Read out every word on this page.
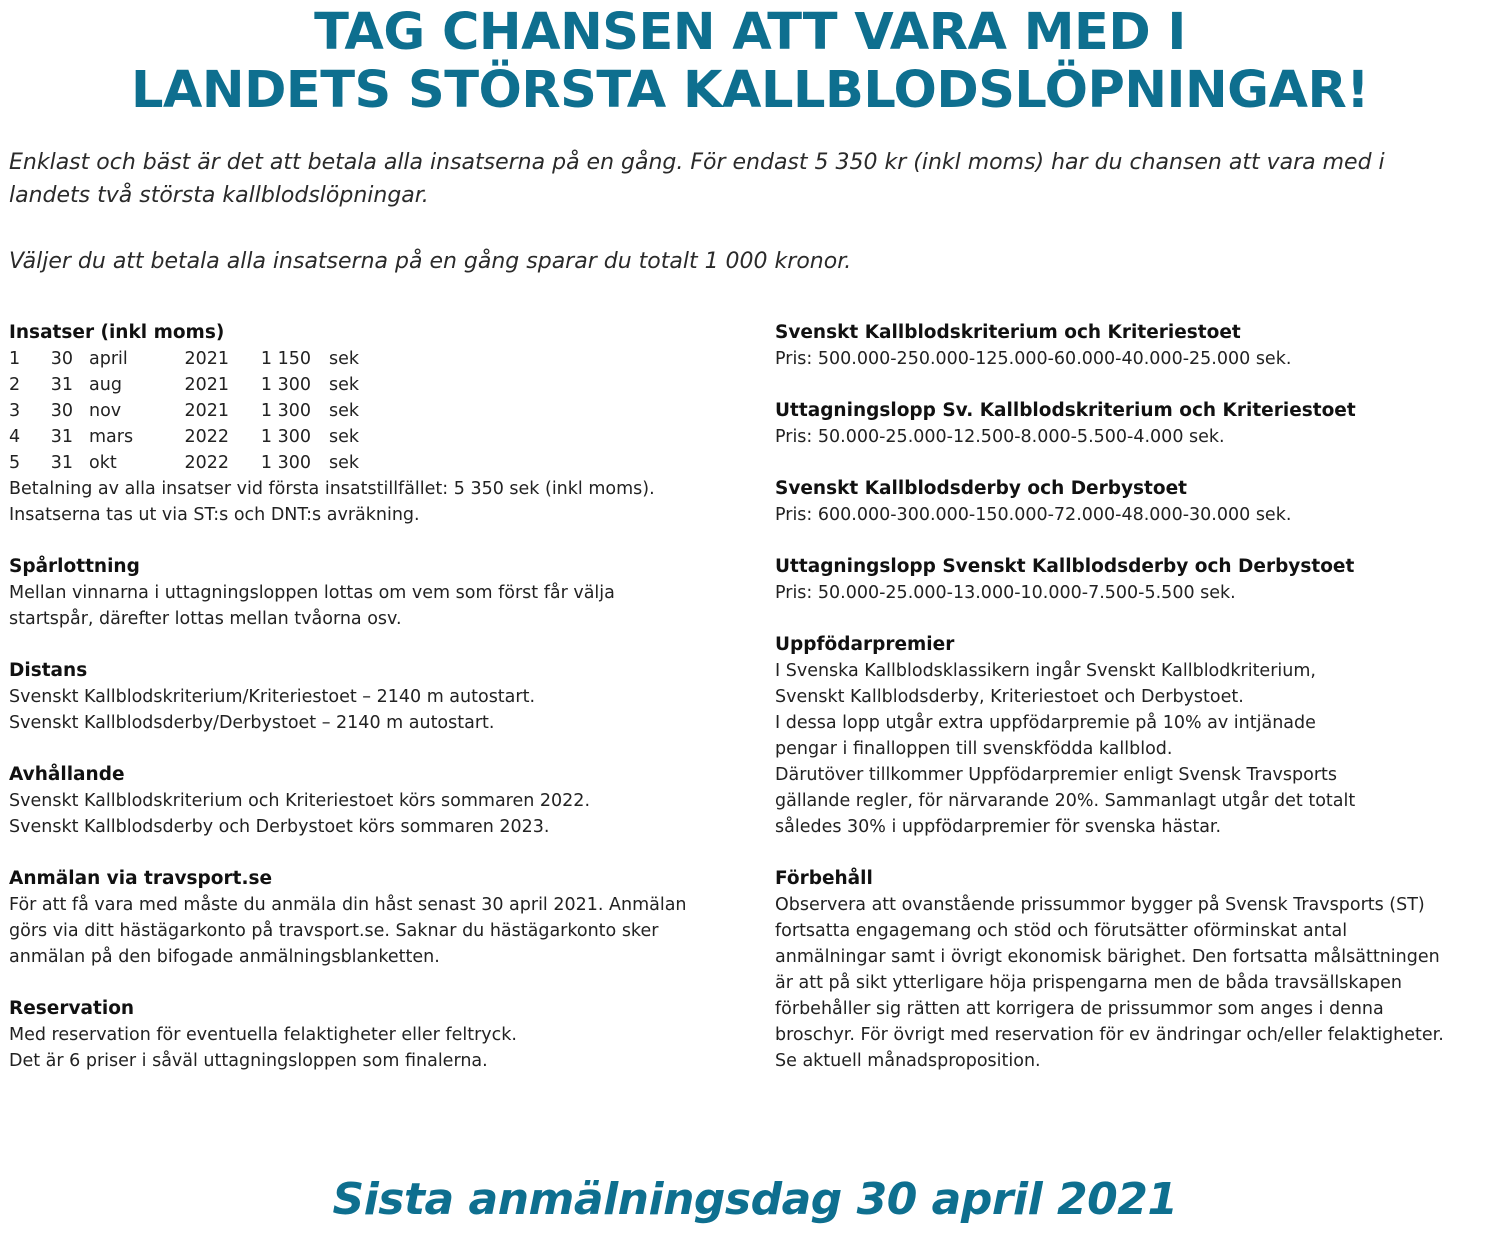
TAG CHANSEN ATT VARA MED I
LANDETS STÖRSTA KALLBLODSLÖPNINGAR!

Enklast och bäst är det att betala alla insatserna på en gång. För endast 5 350 kr (inkl moms) har du chansen att vara med i landets två största kallblodslöpningar.

Väljer du att betala alla insatserna på en gång sparar du totalt 1 000 kronor.

Insatser (inkl moms)
1	30	april	2021	1 150	sek
2	31	aug	2021	1 300	sek
3	30	nov	2021	1 300	sek
4	31	mars	2022	1 300	sek
5	31	okt	2022	1 300	sek
Betalning av alla insatser vid första insatstillfället: 5 350 sek (inkl moms).
Insatserna tas ut via ST:s och DNT:s avräkning.
Spårlottning
Mellan vinnarna i uttagningsloppen lottas om vem som först får välja
startspår, därefter lottas mellan tvåorna osv.
Distans
Svenskt Kallblodskriterium/Kriteriestoet – 2140 m autostart.
Svenskt Kallblodsderby/Derbystoet – 2140 m autostart.
Avhållande
Svenskt Kallblodskriterium och Kriteriestoet körs sommaren 2022.
Svenskt Kallblodsderby och Derbystoet körs sommaren 2023.
Anmälan via travsport.se
För att få vara med måste du anmäla din håst senast 30 april 2021. Anmälan
görs via ditt hästägarkonto på travsport.se. Saknar du hästägarkonto sker
anmälan på den bifogade anmälningsblanketten.
Reservation
Med reservation för eventuella felaktigheter eller feltryck.
Det är 6 priser i såväl uttagningsloppen som finalerna.
Svenskt Kallblodskriterium och Kriteriestoet
Pris: 500.000-250.000-125.000-60.000-40.000-25.000 sek.
Uttagningslopp Sv. Kallblodskriterium och Kriteriestoet
Pris: 50.000-25.000-12.500-8.000-5.500-4.000 sek.
Svenskt Kallblodsderby och Derbystoet
Pris: 600.000-300.000-150.000-72.000-48.000-30.000 sek.
Uttagningslopp Svenskt Kallblodsderby och Derbystoet
Pris: 50.000-25.000-13.000-10.000-7.500-5.500 sek.
Uppfödarpremier
I Svenska Kallblodsklassikern ingår Svenskt Kallblodkriterium,
Svenskt Kallblodsderby, Kriteriestoet och Derbystoet.
I dessa lopp utgår extra uppfödarpremie på 10% av intjänade
pengar i finalloppen till svenskfödda kallblod.
Därutöver tillkommer Uppfödarpremier enligt Svensk Travsports
gällande regler, för närvarande 20%. Sammanlagt utgår det totalt
således 30% i uppfödarpremier för svenska hästar.
Förbehåll
Observera att ovanstående prissummor bygger på Svensk Travsports (ST)
fortsatta engagemang och stöd och förutsätter oförminskat antal
anmälningar samt i övrigt ekonomisk bärighet. Den fortsatta målsättningen
är att på sikt ytterligare höja prispengarna men de båda travsällskapen
förbehåller sig rätten att korrigera de prissummor som anges i denna
broschyr. För övrigt med reservation för ev ändringar och/eller felaktigheter.
Se aktuell månadsproposition.
Sista anmälningsdag 30 april 2021
